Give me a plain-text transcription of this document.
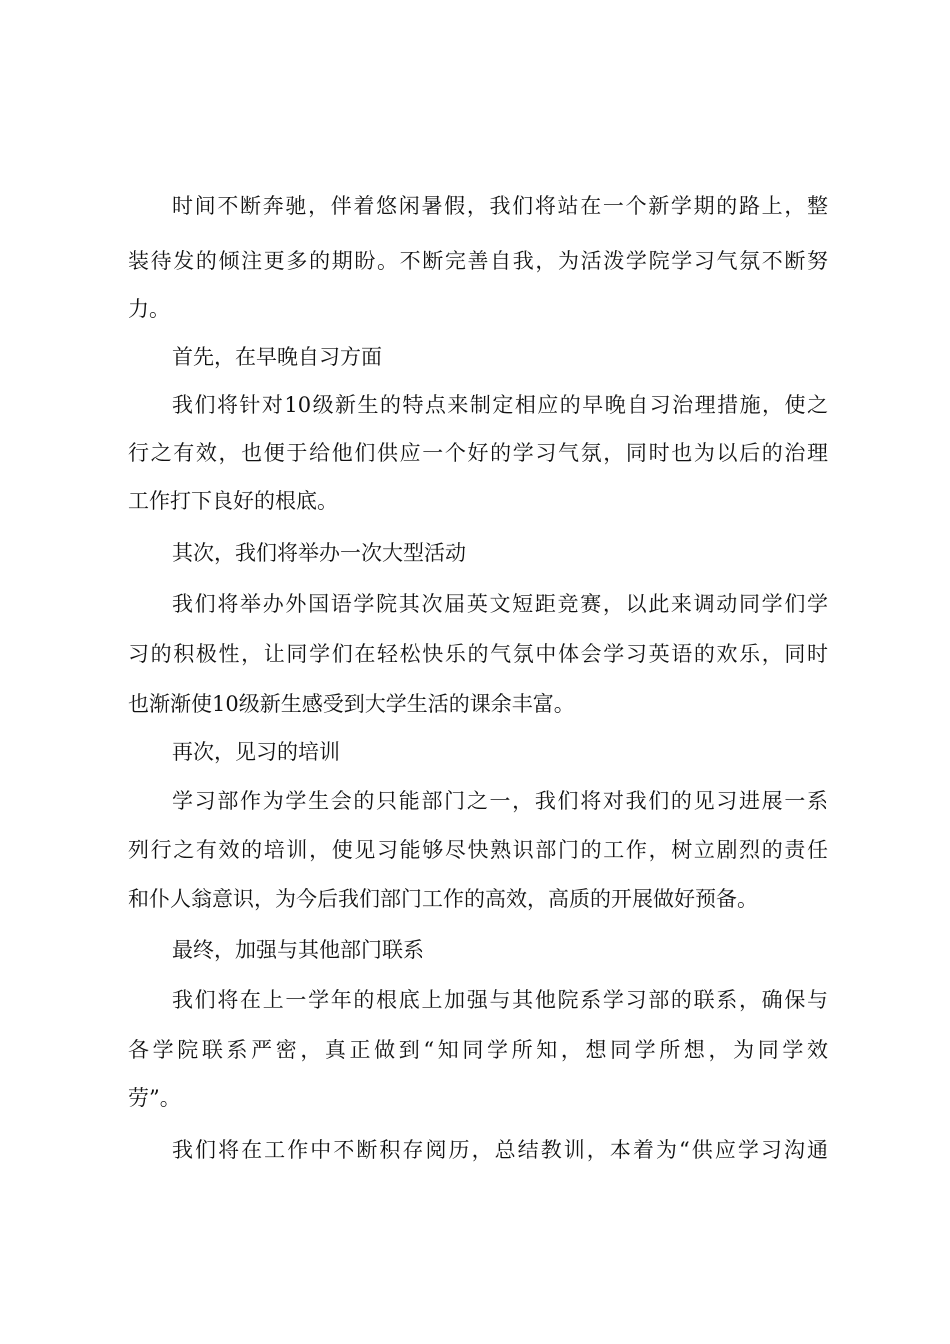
时间不断奔驰，伴着悠闲暑假，我们将站在一个新学期的路上，整
装待发的倾注更多的期盼。不断完善自我，为活泼学院学习气氛不断努
力。
首先，在早晚自习方面
我们将针对10级新生的特点来制定相应的早晚自习治理措施，使之
行之有效，也便于给他们供应一个好的学习气氛，同时也为以后的治理
工作打下良好的根底。
其次，我们将举办一次大型活动
我们将举办外国语学院其次届英文短距竞赛，以此来调动同学们学
习的积极性，让同学们在轻松快乐的气氛中体会学习英语的欢乐，同时
也渐渐使10级新生感受到大学生活的课余丰富。
再次，见习的培训
学习部作为学生会的只能部门之一，我们将对我们的见习进展一系
列行之有效的培训，使见习能够尽快熟识部门的工作，树立剧烈的责任
和仆人翁意识，为今后我们部门工作的高效，高质的开展做好预备。
最终，加强与其他部门联系
我们将在上一学年的根底上加强与其他院系学习部的联系，确保与
各学院联系严密，真正做到“知同学所知，想同学所想，为同学效
劳”。
我们将在工作中不断积存阅历，总结教训，本着为“供应学习沟通
